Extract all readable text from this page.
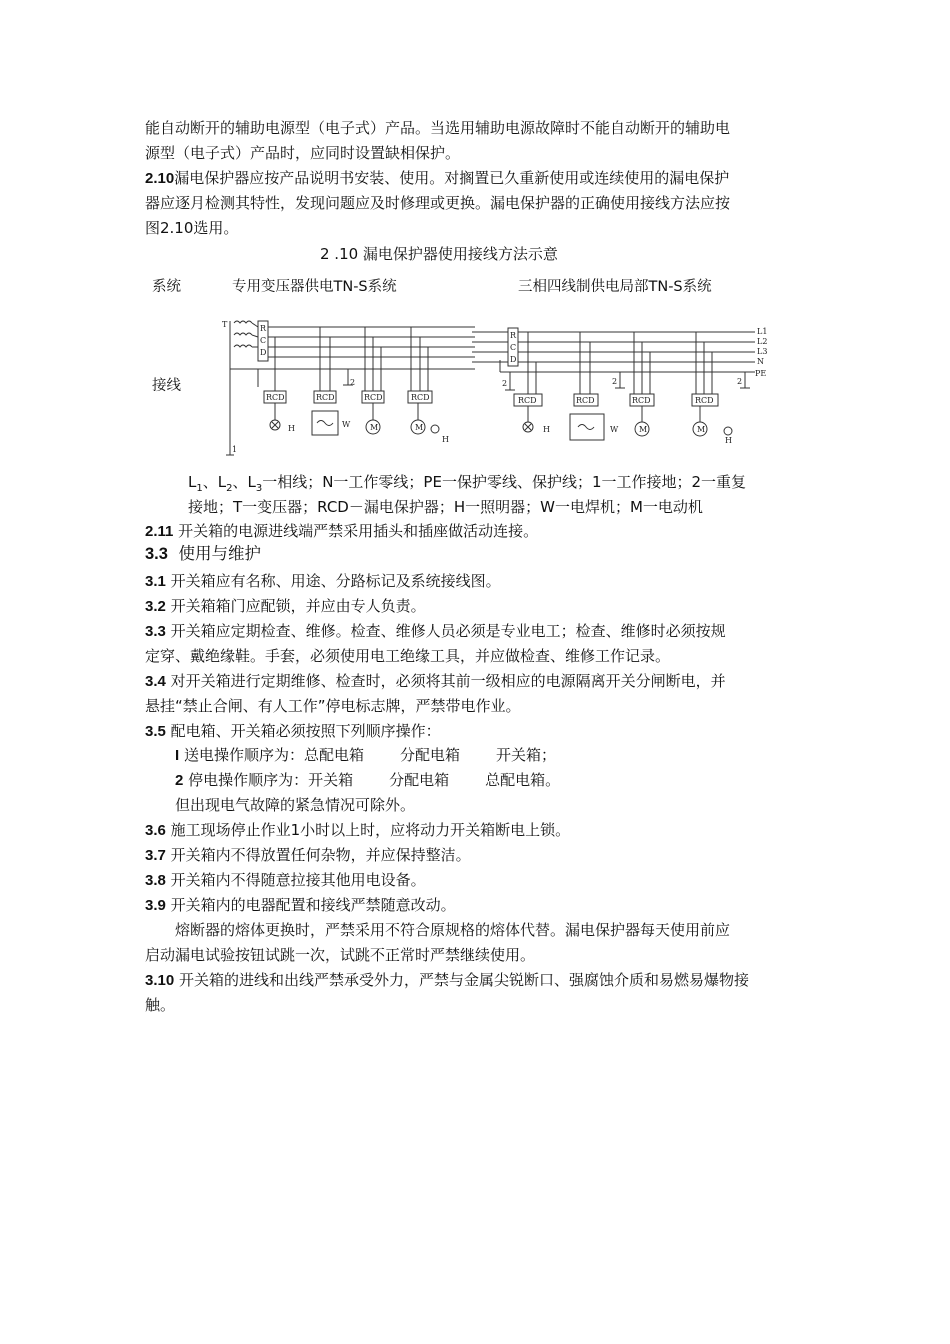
能自动断开的辅助电源型（电子式）产品。当选用辅助电源故障时不能自动断开的辅助电
源型（电子式）产品时，应同时设置缺相保护。
2.10漏电保护器应按产品说明书安装、使用。对搁置已久重新使用或连续使用的漏电保护
器应逐月检测其特性，发现问题应及时修理或更换。漏电保护器的正确使用接线方法应按
图2.10选用。
2 .10 漏电保护器使用接线方法示意
系统	专用变压器供电TN-S系统	三相四线制供电局部TN-S系统
接线
T	R
C
D
RCD	RCD	RCD	RCD
H	W M	M
H
2
1
R
C
D
L1
L2
L3
N
PE
RCD	RCD	RCD	RCD
H	W	M	M
H
2	2	2
$L_1$、$L_2$、$L_3$一相线；N一工作零线；PE一保护零线、保护线；1一工作接地；2一重复
接地；T一变压器；RCD－漏电保护器；H一照明器；W一电焊机；M一电动机
2.11 开关箱的电源进线端严禁采用插头和插座做活动连接。
3.3 使用与维护
3.1 开关箱应有名称、用途、分路标记及系统接线图。
3.2 开关箱箱门应配锁，并应由专人负责。
3.3 开关箱应定期检查、维修。检查、维修人员必须是专业电工；检查、维修时必须按规
定穿、戴绝缘鞋。手套，必须使用电工绝缘工具，并应做检查、维修工作记录。
3.4 对开关箱进行定期维修、检查时，必须将其前一级相应的电源隔离开关分闸断电，并
悬挂“禁止合闸、有人工作”停电标志牌，严禁带电作业。
3.5 配电箱、开关箱必须按照下列顺序操作：
I 送电操作顺序为：总配电箱 分配电箱 开关箱；
2 停电操作顺序为：开关箱 分配电箱 总配电箱。
但出现电气故障的紧急情况可除外。
3.6 施工现场停止作业1小时以上时，应将动力开关箱断电上锁。
3.7 开关箱内不得放置任何杂物，并应保持整洁。
3.8 开关箱内不得随意拉接其他用电设备。
3.9 开关箱内的电器配置和接线严禁随意改动。
熔断器的熔体更换时，严禁采用不符合原规格的熔体代替。漏电保护器每天使用前应
启动漏电试验按钮试跳一次，试跳不正常时严禁继续使用。
3.10 开关箱的进线和出线严禁承受外力，严禁与金属尖锐断口、强腐蚀介质和易燃易爆物接
触。
